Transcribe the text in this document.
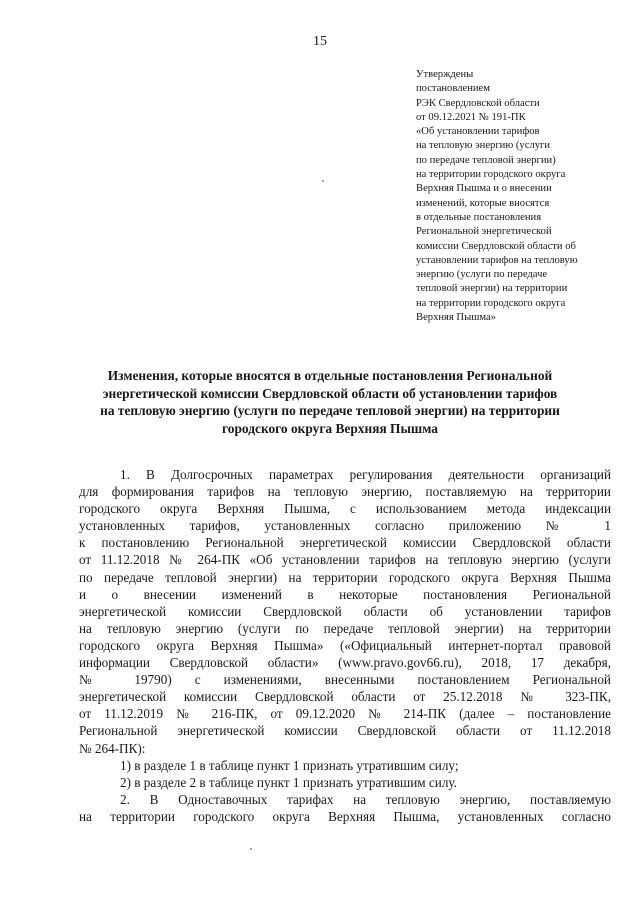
15
Утверждены
постановлением
РЭК Свердловской области
от 09.12.2021 № 191-ПК
«Об установлении тарифов
на тепловую энергию (услуги
по передаче тепловой энергии)
на территории городского округа
Верхняя Пышма и о внесении
изменений, которые вносятся
в отдельные постановления
Региональной энергетической
комиссии Свердловской области об
установлении тарифов на тепловую
энергию (услуги по передаче
тепловой энергии) на территории
на территории городского округа
Верхняя Пышма»
Изменения, которые вносятся в отдельные постановления Региональной
энергетической комиссии Свердловской области об установлении тарифов
на тепловую энергию (услуги по передаче тепловой энергии) на территории
городского округа Верхняя Пышма
1. В Долгосрочных параметрах регулирования деятельности организаций
для формирования тарифов на тепловую энергию, поставляемую на территории
городского округа Верхняя Пышма, с использованием метода индексации
установленных тарифов, установленных согласно приложению № 1
к постановлению Региональной энергетической комиссии Свердловской области
от 11.12.2018 № 264-ПК «Об установлении тарифов на тепловую энергию (услуги
по передаче тепловой энергии) на территории городского округа Верхняя Пышма
и о внесении изменений в некоторые постановления Региональной
энергетической комиссии Свердловской области об установлении тарифов
на тепловую энергию (услуги по передаче тепловой энергии) на территории
городского округа Верхняя Пышма» («Официальный интернет-портал правовой
информации Свердловской области» (www.pravo.gov66.ru), 2018, 17 декабря,
№ 19790) с изменениями, внесенными постановлением Региональной
энергетической комиссии Свердловской области от 25.12.2018 № 323-ПК,
от 11.12.2019 № 216-ПК, от 09.12.2020 № 214-ПК (далее – постановление
Региональной энергетической комиссии Свердловской области от 11.12.2018
№ 264-ПК):
1) в разделе 1 в таблице пункт 1 признать утратившим силу;
2) в разделе 2 в таблице пункт 1 признать утратившим силу.
2. В Одноставочных тарифах на тепловую энергию, поставляемую
на территории городского округа Верхняя Пышма, установленных согласно
